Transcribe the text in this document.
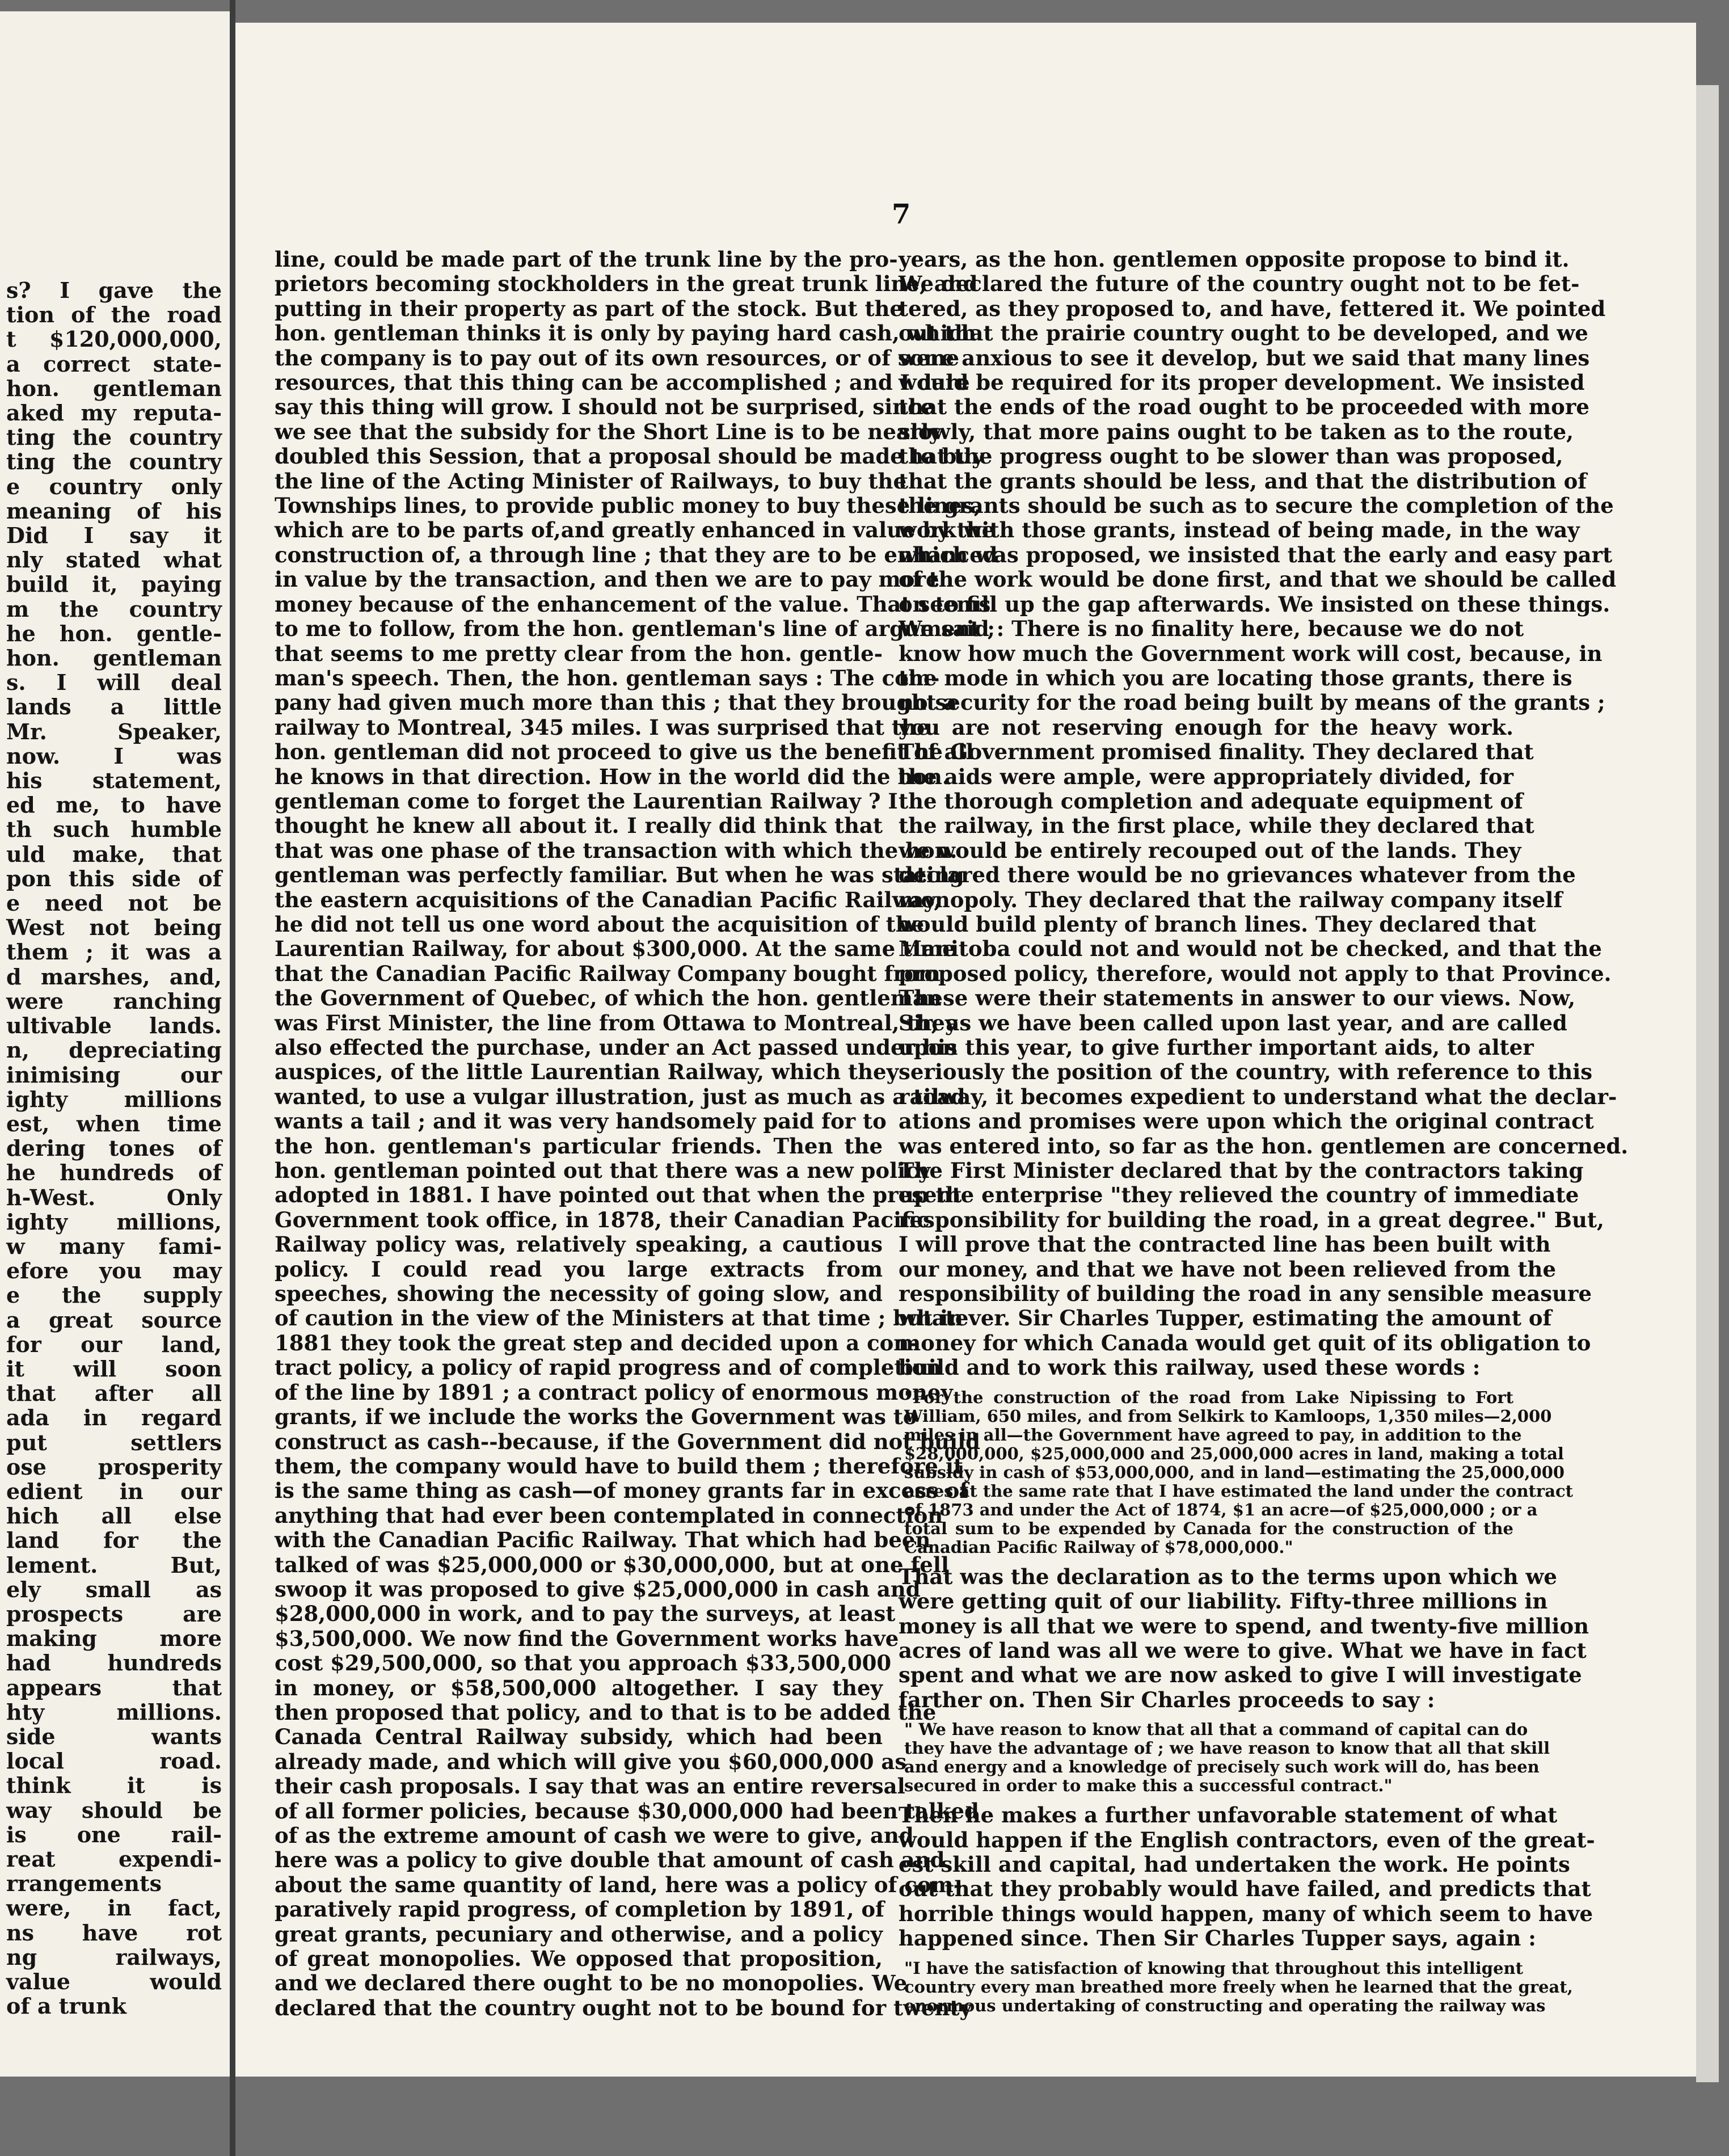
s? I gave the
tion of the road
t $120,000,000,
a correct state-
hon. gentleman
aked my reputa-
ting the country
ting the country
e country only
meaning of his
Did I say it
nly stated what
build it, paying
m the country
he hon. gentle-
hon. gentleman
s. I will deal
lands a little
Mr. Speaker,
now. I was
his statement,
ed me, to have
th such humble
uld make, that
pon this side of
e need not be
West not being
them ; it was a
d marshes, and,
were ranching
ultivable lands.
n, depreciating
inimising our
ighty millions
est, when time
dering tones of
he hundreds of
h-West. Only
ighty millions,
w many fami-
efore you may
e the supply
a great source
for our land,
it will soon
that after all
ada in regard
put settlers
ose prosperity
edient in our
hich all else
land for the
lement. But,
ely small as
prospects are
making more
had hundreds
appears that
hty millions.
side wants
local road.
think it is
way should be
is one rail-
reat expendi-
rrangements
were, in fact,
ns have rot
ng railways,
value would
of a trunk
7
line, could be made part of the trunk line by the pro-
prietors becoming stockholders in the great trunk line, and
putting in their property as part of the stock. But the
hon. gentleman thinks it is only by paying hard cash, which
the company is to pay out of its own resources, or of some
resources, that this thing can be accomplished ; and I dare
say this thing will grow. I should not be surprised, since
we see that the subsidy for the Short Line is to be nearly
doubled this Session, that a proposal should be made to buy
the line of the Acting Minister of Railways, to buy the
Townships lines, to provide public money to buy these lines,
which are to be parts of,and greatly enhanced in value by the
construction of, a through line ; that they are to be enhanced
in value by the transaction, and then we are to pay more
money because of the enhancement of the value. That seems
to me to follow, from the hon. gentleman's line of argument ;
that seems to me pretty clear from the hon. gentle-
man's speech. Then, the hon. gentleman says : The com-
pany had given much more than this ; that they brought a
railway to Montreal, 345 miles. I was surprised that the
hon. gentleman did not proceed to give us the benefit of all
he knows in that direction. How in the world did the hon.
gentleman come to forget the Laurentian Railway ? I
thought he knew all about it. I really did think that
that was one phase of the transaction with which the hon.
gentleman was perfectly familiar. But when he was stating
the eastern acquisitions of the Canadian Pacific Railway,
he did not tell us one word about the acquisition of the
Laurentian Railway, for about $300,000. At the same time
that the Canadian Pacific Railway Company bought from
the Government of Quebec, of which the hon. gentleman
was First Minister, the line from Ottawa to Montreal, they
also effected the purchase, under an Act passed under his
auspices, of the little Laurentian Railway, which they
wanted, to use a vulgar illustration, just as much as a toad
wants a tail ; and it was very handsomely paid for to
the hon. gentleman's particular friends. Then the
hon. gentleman pointed out that there was a new policy
adopted in 1881. I have pointed out that when the present
Government took office, in 1878, their Canadian Pacific
Railway policy was, relatively speaking, a cautious
policy. I could read you large extracts from
speeches, showing the necessity of going slow, and
of caution in the view of the Ministers at that time ; but in
1881 they took the great step and decided upon a con-
tract policy, a policy of rapid progress and of completion
of the line by 1891 ; a contract policy of enormous money
grants, if we include the works the Government was to
construct as cash--because, if the Government did not build
them, the company would have to build them ; therefore it
is the same thing as cash—of money grants far in excess of
anything that had ever been contemplated in connection
with the Canadian Pacific Railway. That which had been
talked of was $25,000,000 or $30,000,000, but at one fell
swoop it was proposed to give $25,000,000 in cash and
$28,000,000 in work, and to pay the surveys, at least
$3,500,000. We now find the Government works have
cost $29,500,000, so that you approach $33,500,000
in money, or $58,500,000 altogether. I say they
then proposed that policy, and to that is to be added the
Canada Central Railway subsidy, which had been
already made, and which will give you $60,000,000 as
their cash proposals. I say that was an entire reversal
of all former policies, because $30,000,000 had been talked
of as the extreme amount of cash we were to give, and
here was a policy to give double that amount of cash and
about the same quantity of land, here was a policy of com-
paratively rapid progress, of completion by 1891, of
great grants, pecuniary and otherwise, and a policy
of great monopolies. We opposed that proposition,
and we declared there ought to be no monopolies. We
declared that the country ought not to be bound for twenty
years, as the hon. gentlemen opposite propose to bind it.
We declared the future of the country ought not to be fet-
tered, as they proposed to, and have, fettered it. We pointed
out that the prairie country ought to be developed, and we
were anxious to see it develop, but we said that many lines
would be required for its proper development. We insisted
that the ends of the road ought to be proceeded with more
slowly, that more pains ought to be taken as to the route,
that the progress ought to be slower than was proposed,
that the grants should be less, and that the distribution of
the grants should be such as to secure the completion of the
work with those grants, instead of being made, in the way
which was proposed, we insisted that the early and easy part
of the work would be done first, and that we should be called
on to fill up the gap afterwards. We insisted on these things.
We said : There is no finality here, because we do not
know how much the Government work will cost, because, in
the mode in which you are locating those grants, there is
no security for the road being built by means of the grants ;
you are not reserving enough for the heavy work.
The Government promised finality. They declared that
the aids were ample, were appropriately divided, for
the thorough completion and adequate equipment of
the railway, in the first place, while they declared that
we would be entirely recouped out of the lands. They
declared there would be no grievances whatever from the
monopoly. They declared that the railway company itself
would build plenty of branch lines. They declared that
Manitoba could not and would not be checked, and that the
proposed policy, therefore, would not apply to that Province.
These were their statements in answer to our views. Now,
Sir, as we have been called upon last year, and are called
upon this year, to give further important aids, to alter
seriously the position of the country, with reference to this
railway, it becomes expedient to understand what the declar-
ations and promises were upon which the original contract
was entered into, so far as the hon. gentlemen are concerned.
The First Minister declared that by the contractors taking
up the enterprise "they relieved the country of immediate
responsibility for building the road, in a great degree." But,
I will prove that the contracted line has been built with
our money, and that we have not been relieved from the
responsibility of building the road in any sensible measure
whatever. Sir Charles Tupper, estimating the amount of
money for which Canada would get quit of its obligation to
build and to work this railway, used these words :
"For the construction of the road from Lake Nipissing to Fort
William, 650 miles, and from Selkirk to Kamloops, 1,350 miles—2,000
miles in all—the Government have agreed to pay, in addition to the
$28,000,000, $25,000,000 and 25,000,000 acres in land, making a total
subsidy in cash of $53,000,000, and in land—estimating the 25,000,000
acres at the same rate that I have estimated the land under the contract
of 1873 and under the Act of 1874, $1 an acre—of $25,000,000 ; or a
total sum to be expended by Canada for the construction of the
Canadian Pacific Railway of $78,000,000."
That was the declaration as to the terms upon which we
were getting quit of our liability. Fifty-three millions in
money is all that we were to spend, and twenty-five million
acres of land was all we were to give. What we have in fact
spent and what we are now asked to give I will investigate
farther on. Then Sir Charles proceeds to say :
" We have reason to know that all that a command of capital can do
they have the advantage of ; we have reason to know that all that skill
and energy and a knowledge of precisely such work will do, has been
secured in order to make this a successful contract."
Then he makes a further unfavorable statement of what
would happen if the English contractors, even of the great-
est skill and capital, had undertaken the work. He points
out that they probably would have failed, and predicts that
horrible things would happen, many of which seem to have
happened since. Then Sir Charles Tupper says, again :
"I have the satisfaction of knowing that throughout this intelligent
country every man breathed more freely when he learned that the great,
enormous undertaking of constructing and operating the railway was
